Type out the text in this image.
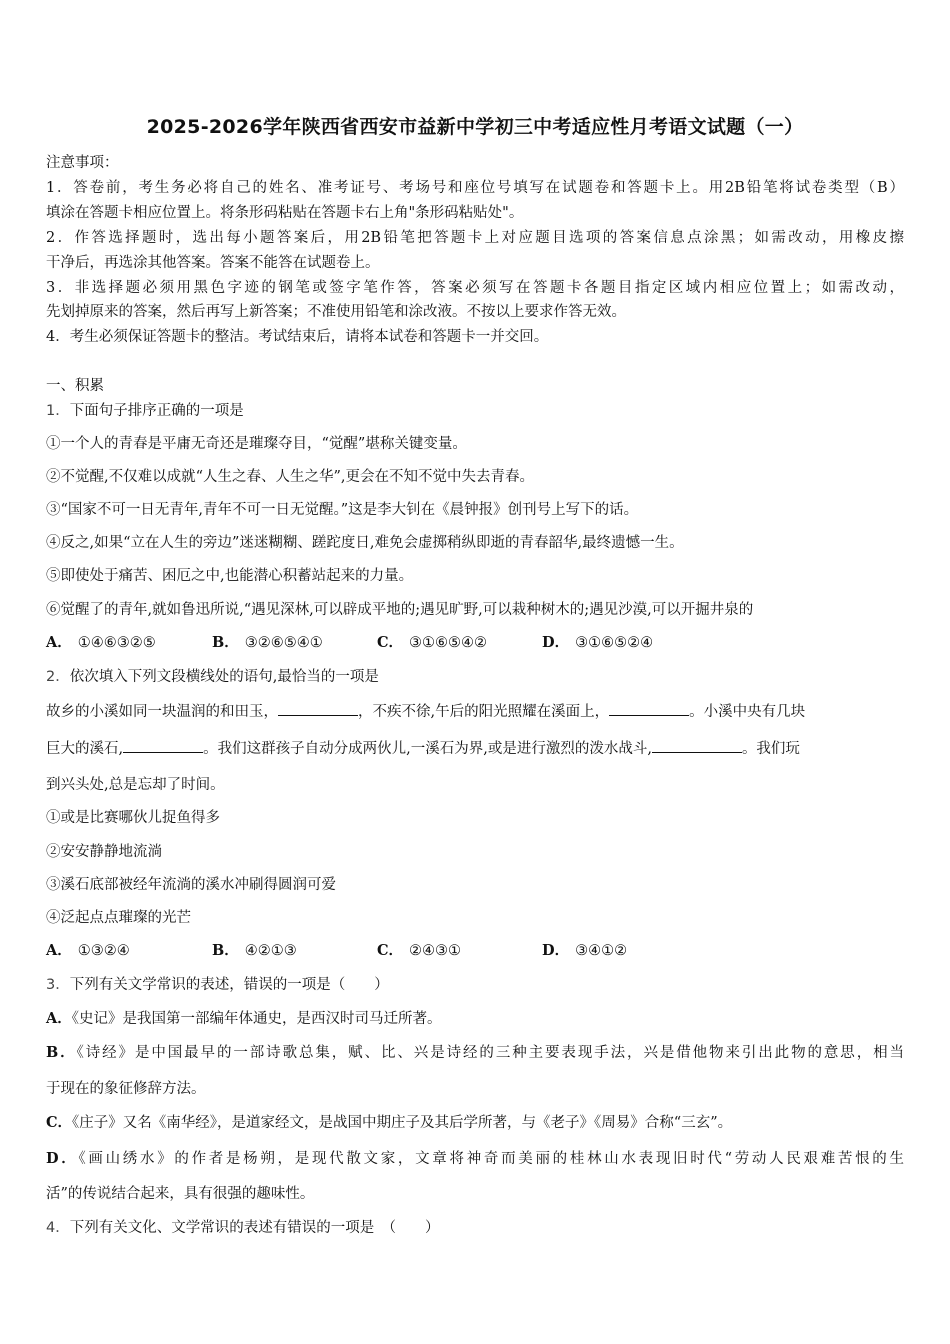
2025-2026学年陕西省西安市益新中学初三中考适应性月考语文试题（一）
注意事项：
1．答卷前，考生务必将自己的姓名、准考证号、考场号和座位号填写在试题卷和答题卡上。用2B铅笔将试卷类型（B）
填涂在答题卡相应位置上。将条形码粘贴在答题卡右上角"条形码粘贴处"。
2．作答选择题时，选出每小题答案后，用2B铅笔把答题卡上对应题目选项的答案信息点涂黑；如需改动，用橡皮擦
干净后，再选涂其他答案。答案不能答在试题卷上。
3．非选择题必须用黑色字迹的钢笔或签字笔作答，答案必须写在答题卡各题目指定区域内相应位置上；如需改动，
先划掉原来的答案，然后再写上新答案；不准使用铅笔和涂改液。不按以上要求作答无效。
4．考生必须保证答题卡的整洁。考试结束后，请将本试卷和答题卡一并交回。
一、积累
1．下面句子排序正确的一项是
①一个人的青春是平庸无奇还是璀璨夺目，“觉醒”堪称关键变量。
②不觉醒,不仅难以成就“人生之春、人生之华”,更会在不知不觉中失去青春。
③“国家不可一日无青年,青年不可一日无觉醒。”这是李大钊在《晨钟报》创刊号上写下的话。
④反之,如果“立在人生的旁边”迷迷糊糊、蹉跎度日,难免会虚掷稍纵即逝的青春韶华,最终遗憾一生。
⑤即使处于痛苦、困厄之中,也能潜心积蓄站起来的力量。
⑥觉醒了的青年,就如鲁迅所说,“遇见深林,可以辟成平地的;遇见旷野,可以栽种树木的;遇见沙漠,可以开掘井泉的
A． ①④⑥③②⑤	B． ③②⑥⑤④①	C． ③①⑥⑤④②	D． ③①⑥⑤②④
2．依次填入下列文段横线处的语句,最恰当的一项是
故乡的小溪如同一块温润的和田玉，	，不疾不徐,午后的阳光照耀在溪面上，	。小溪中央有几块
巨大的溪石,	。我们这群孩子自动分成两伙儿,一溪石为界,或是进行激烈的泼水战斗,	。我们玩
到兴头处,总是忘却了时间。
①或是比赛哪伙儿捉鱼得多
②安安静静地流淌
③溪石底部被经年流淌的溪水冲刷得圆润可爱
④泛起点点璀璨的光芒
A． ①③②④	B． ④②①③	C． ②④③①	D． ③④①②
3．下列有关文学常识的表述，错误的一项是（　　）
A．《史记》是我国第一部编年体通史，是西汉时司马迁所著。
B．《诗经》是中国最早的一部诗歌总集，赋、比、兴是诗经的三种主要表现手法，兴是借他物来引出此物的意思，相当
于现在的象征修辞方法。
C．《庄子》又名《南华经》，是道家经文，是战国中期庄子及其后学所著，与《老子》《周易》合称“三玄”。
D．《画山绣水》的作者是杨朔，是现代散文家，文章将神奇而美丽的桂林山水表现旧时代“劳动人民艰难苦恨的生
活”的传说结合起来，具有很强的趣味性。
4．下列有关文化、文学常识的表述有错误的一项是　（　　）
